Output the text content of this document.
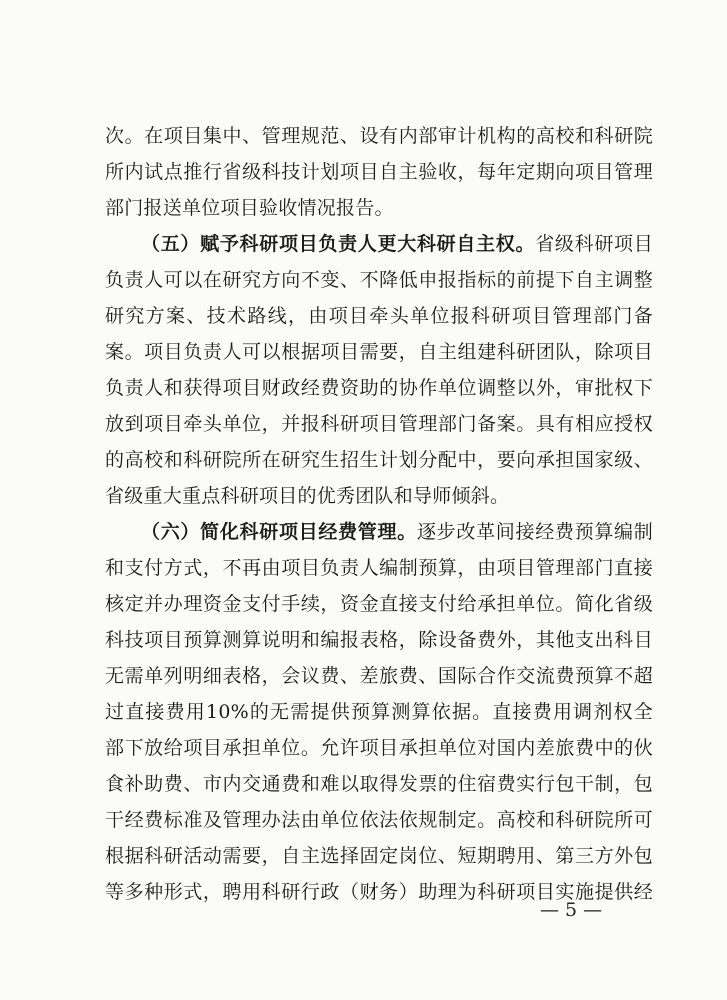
次。在项目集中、管理规范、设有内部审计机构的高校和科研院
所内试点推行省级科技计划项目自主验收，每年定期向项目管理
部门报送单位项目验收情况报告。
（五）赋予科研项目负责人更大科研自主权。省级科研项目
负责人可以在研究方向不变、不降低申报指标的前提下自主调整
研究方案、技术路线，由项目牵头单位报科研项目管理部门备
案。项目负责人可以根据项目需要，自主组建科研团队，除项目
负责人和获得项目财政经费资助的协作单位调整以外，审批权下
放到项目牵头单位，并报科研项目管理部门备案。具有相应授权
的高校和科研院所在研究生招生计划分配中，要向承担国家级、
省级重大重点科研项目的优秀团队和导师倾斜。
（六）简化科研项目经费管理。逐步改革间接经费预算编制
和支付方式，不再由项目负责人编制预算，由项目管理部门直接
核定并办理资金支付手续，资金直接支付给承担单位。简化省级
科技项目预算测算说明和编报表格，除设备费外，其他支出科目
无需单列明细表格，会议费、差旅费、国际合作交流费预算不超
过直接费用10%的无需提供预算测算依据。直接费用调剂权全
部下放给项目承担单位。允许项目承担单位对国内差旅费中的伙
食补助费、市内交通费和难以取得发票的住宿费实行包干制，包
干经费标准及管理办法由单位依法依规制定。高校和科研院所可
根据科研活动需要，自主选择固定岗位、短期聘用、第三方外包
等多种形式，聘用科研行政（财务）助理为科研项目实施提供经
— 5 —
